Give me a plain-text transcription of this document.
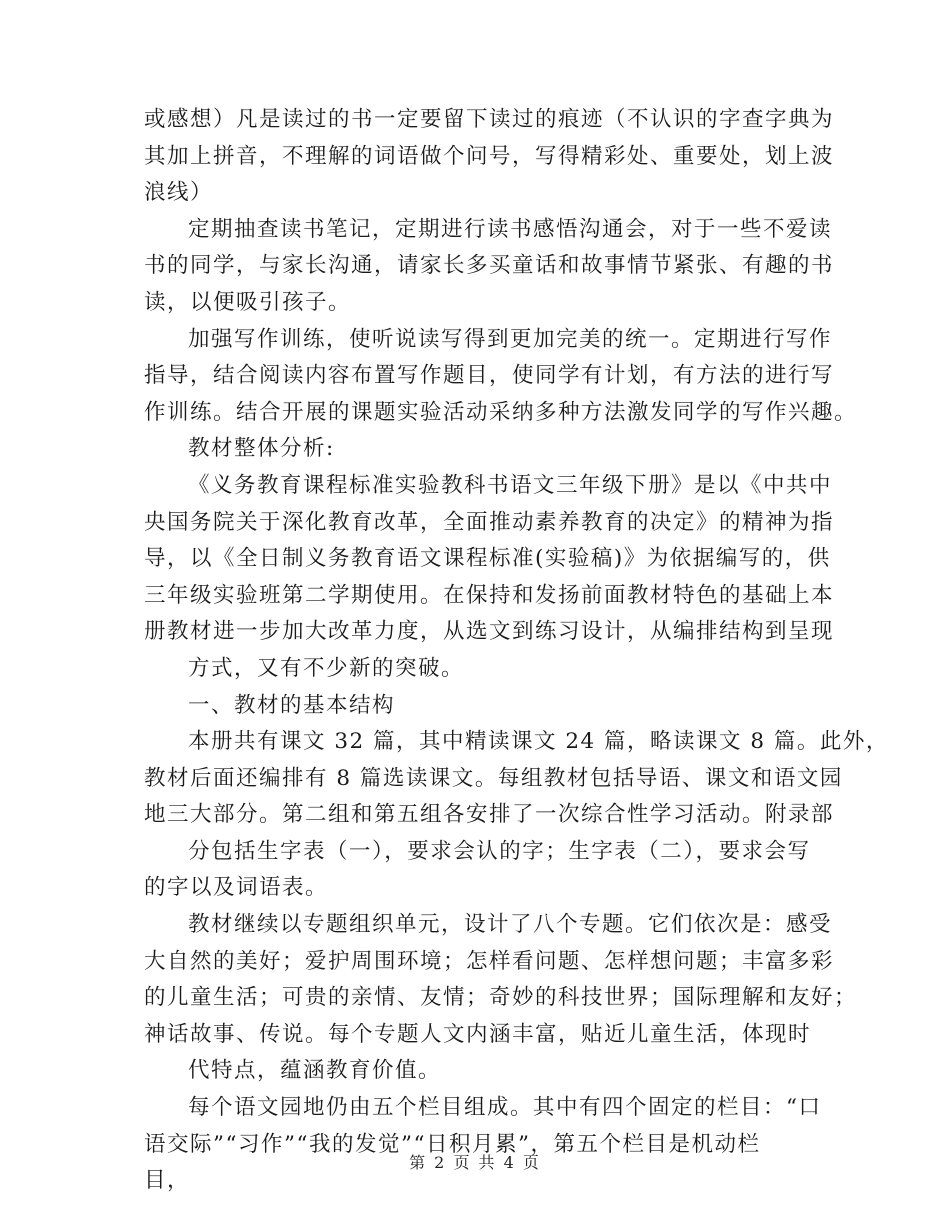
或感想）凡是读过的书一定要留下读过的痕迹（不认识的字查字典为
其加上拼音，不理解的词语做个问号，写得精彩处、重要处，划上波
浪线）
定期抽查读书笔记，定期进行读书感悟沟通会，对于一些不爱读
书的同学，与家长沟通，请家长多买童话和故事情节紧张、有趣的书
读，以便吸引孩子。
加强写作训练，使听说读写得到更加完美的统一。定期进行写作
指导，结合阅读内容布置写作题目，使同学有计划，有方法的进行写
作训练。结合开展的课题实验活动采纳多种方法激发同学的写作兴趣。
教材整体分析:
《义务教育课程标准实验教科书语文三年级下册》是以《中共中
央国务院关于深化教育改革，全面推动素养教育的决定》的精神为指
导，以《全日制义务教育语文课程标准(实验稿)》为依据编写的，供
三年级实验班第二学期使用。在保持和发扬前面教材特色的基础上本
册教材进一步加大改革力度，从选文到练习设计，从编排结构到呈现
方式，又有不少新的突破。
一、教材的基本结构
本册共有课文 32 篇，其中精读课文 24 篇，略读课文 8 篇。此外，
教材后面还编排有 8 篇选读课文。每组教材包括导语、课文和语文园
地三大部分。第二组和第五组各安排了一次综合性学习活动。附录部
分包括生字表（一），要求会认的字；生字表（二），要求会写
的字以及词语表。
教材继续以专题组织单元，设计了八个专题。它们依次是：感受
大自然的美好；爱护周围环境；怎样看问题、怎样想问题；丰富多彩
的儿童生活；可贵的亲情、友情；奇妙的科技世界；国际理解和友好；
神话故事、传说。每个专题人文内涵丰富，贴近儿童生活，体现时
代特点，蕴涵教育价值。
每个语文园地仍由五个栏目组成。其中有四个固定的栏目：“口
语交际”“习作”“我的发觉”“日积月累”，第五个栏目是机动栏
目，
第 2 页 共 4 页
